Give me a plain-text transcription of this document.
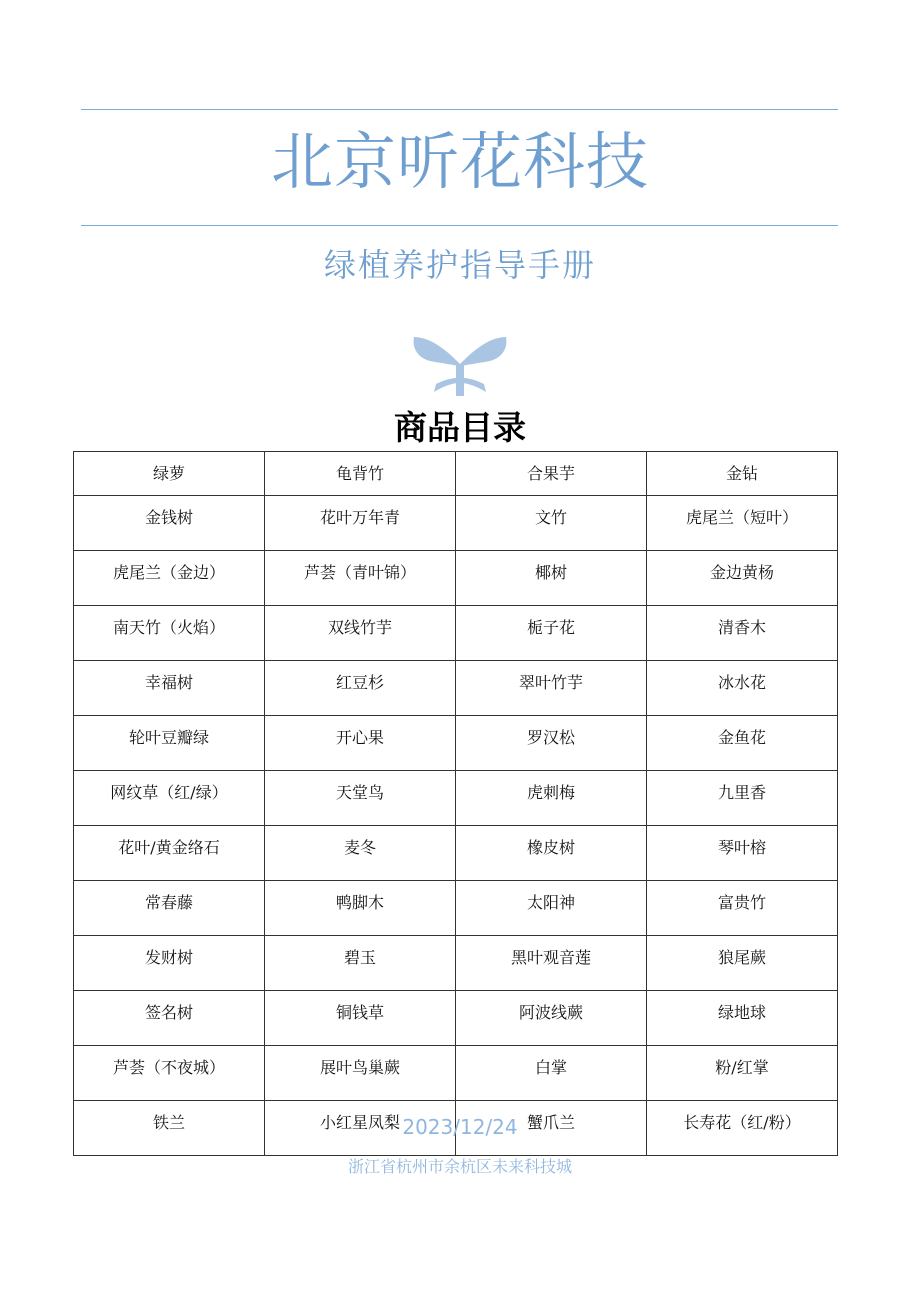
北京听花科技
绿植养护指导手册
商品目录
绿萝	龟背竹	合果芋	金钻
金钱树	花叶万年青	文竹	虎尾兰（短叶）
虎尾兰（金边）	芦荟（青叶锦）	椰树	金边黄杨
南天竹（火焰）	双线竹芋	栀子花	清香木
幸福树	红豆杉	翠叶竹芋	冰水花
轮叶豆瓣绿	开心果	罗汉松	金鱼花
网纹草（红/绿）	天堂鸟	虎刺梅	九里香
花叶/黄金络石	麦冬	橡皮树	琴叶榕
常春藤	鸭脚木	太阳神	富贵竹
发财树	碧玉	黑叶观音莲	狼尾蕨
签名树	铜钱草	阿波线蕨	绿地球
芦荟（不夜城）	展叶鸟巢蕨	白掌	粉/红掌
铁兰	小红星凤梨	蟹爪兰	长寿花（红/粉）
2023/12/24
浙江省杭州市余杭区未来科技城
